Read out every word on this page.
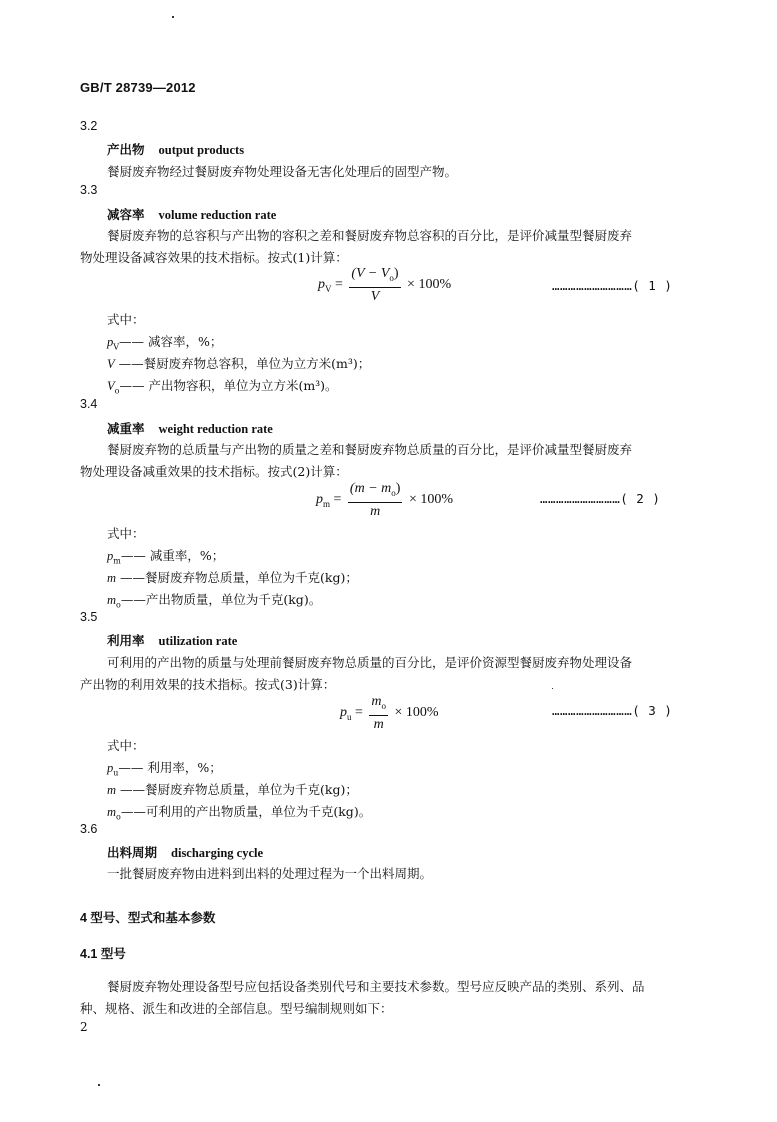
GB/T 28739—2012
3.2
产出物 output products
餐厨废弃物经过餐厨废弃物处理设备无害化处理后的固型产物。
3.3
减容率 volume reduction rate
餐厨废弃物的总容积与产出物的容积之差和餐厨废弃物总容积的百分比，是评价减量型餐厨废弃
物处理设备减容效果的技术指标。按式(1)计算：
$p_V = \frac{(V - V_o)}{V} \times 100\%$	…………………………( 1 )
式中：
$p_V——$ 减容率，%；
V ——餐厨废弃物总容积，单位为立方米(m³)；
$V_o——$ 产出物容积，单位为立方米(m³)。
3.4
减重率 weight reduction rate
餐厨废弃物的总质量与产出物的质量之差和餐厨废弃物总质量的百分比，是评价减量型餐厨废弃
物处理设备减重效果的技术指标。按式(2)计算：
$p_m = \frac{(m - m_o)}{m} \times 100\%$	…………………………( 2 )
式中：
$p_m——$ 减重率，%；
m ——餐厨废弃物总质量，单位为千克(kg)；
$m_o——$产出物质量，单位为千克(kg)。
3.5
利用率 utilization rate
可利用的产出物的质量与处理前餐厨废弃物总质量的百分比，是评价资源型餐厨废弃物处理设备
产出物的利用效果的技术指标。按式(3)计算：
$p_u = \frac{m_o}{m} \times 100\%$	…………………………( 3 )
式中：
$p_u——$ 利用率，%；
m ——餐厨废弃物总质量，单位为千克(kg)；
$m_o——$可利用的产出物质量，单位为千克(kg)。
3.6
出料周期 discharging cycle
一批餐厨废弃物由进料到出料的处理过程为一个出料周期。
4 型号、型式和基本参数
4.1 型号
餐厨废弃物处理设备型号应包括设备类别代号和主要技术参数。型号应反映产品的类别、系列、品
种、规格、派生和改进的全部信息。型号编制规则如下：
2
